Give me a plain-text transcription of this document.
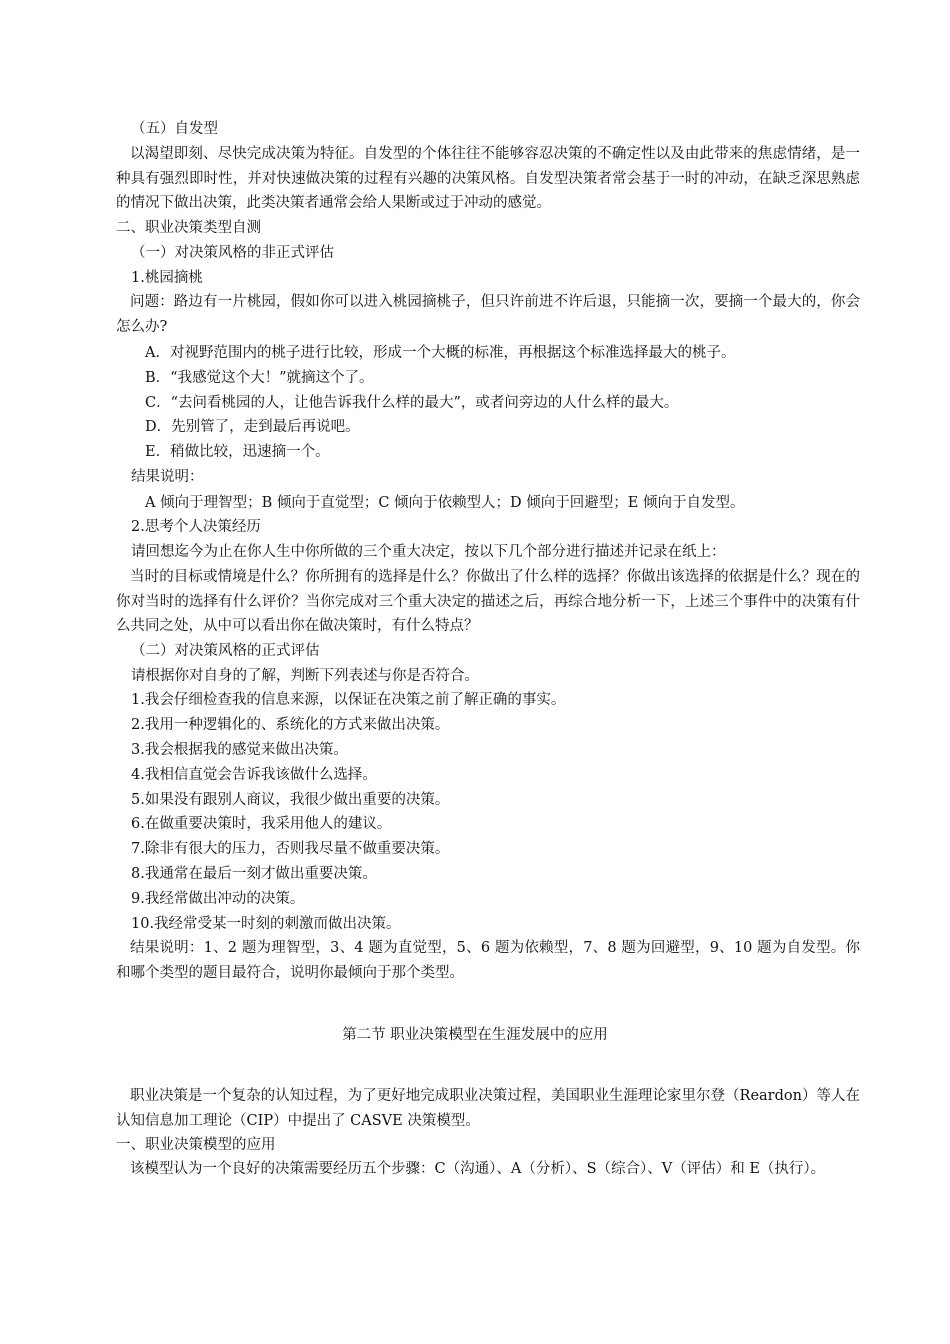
（五）自发型
以渴望即刻、尽快完成决策为特征。自发型的个体往往不能够容忍决策的不确定性以及由此带来的焦虑情绪，是一种具有强烈即时性，并对快速做决策的过程有兴趣的决策风格。自发型决策者常会基于一时的冲动，在缺乏深思熟虑的情况下做出决策，此类决策者通常会给人果断或过于冲动的感觉。
二、职业决策类型自测
（一）对决策风格的非正式评估
1.桃园摘桃
问题：路边有一片桃园，假如你可以进入桃园摘桃子，但只许前进不许后退，只能摘一次，要摘一个最大的，你会怎么办?
A．对视野范围内的桃子进行比较，形成一个大概的标准，再根据这个标准选择最大的桃子。
B．“我感觉这个大！”就摘这个了。
C．“去问看桃园的人，让他告诉我什么样的最大”，或者问旁边的人什么样的最大。
D．先别管了，走到最后再说吧。
E．稍做比较，迅速摘一个。
结果说明：
A 倾向于理智型；B 倾向于直觉型；C 倾向于依赖型人；D 倾向于回避型；E 倾向于自发型。
2.思考个人决策经历
请回想迄今为止在你人生中你所做的三个重大决定，按以下几个部分进行描述并记录在纸上：
当时的目标或情境是什么？你所拥有的选择是什么？你做出了什么样的选择？你做出该选择的依据是什么？现在的你对当时的选择有什么评价？当你完成对三个重大决定的描述之后，再综合地分析一下，上述三个事件中的决策有什么共同之处，从中可以看出你在做决策时，有什么特点？
（二）对决策风格的正式评估
请根据你对自身的了解，判断下列表述与你是否符合。
1.我会仔细检查我的信息来源，以保证在决策之前了解正确的事实。
2.我用一种逻辑化的、系统化的方式来做出决策。
3.我会根据我的感觉来做出决策。
4.我相信直觉会告诉我该做什么选择。
5.如果没有跟别人商议，我很少做出重要的决策。
6.在做重要决策时，我采用他人的建议。
7.除非有很大的压力，否则我尽量不做重要决策。
8.我通常在最后一刻才做出重要决策。
9.我经常做出冲动的决策。
10.我经常受某一时刻的刺激而做出决策。
结果说明：1、2 题为理智型，3、4 题为直觉型，5、6 题为依赖型，7、8 题为回避型，9、10 题为自发型。你和哪个类型的题目最符合，说明你最倾向于那个类型。
第二节 职业决策模型在生涯发展中的应用
职业决策是一个复杂的认知过程，为了更好地完成职业决策过程，美国职业生涯理论家里尔登（Reardon）等人在认知信息加工理论（CIP）中提出了 CASVE 决策模型。
一、职业决策模型的应用
该模型认为一个良好的决策需要经历五个步骤：C（沟通）、A（分析）、S（综合）、V（评估）和 E（执行）。
